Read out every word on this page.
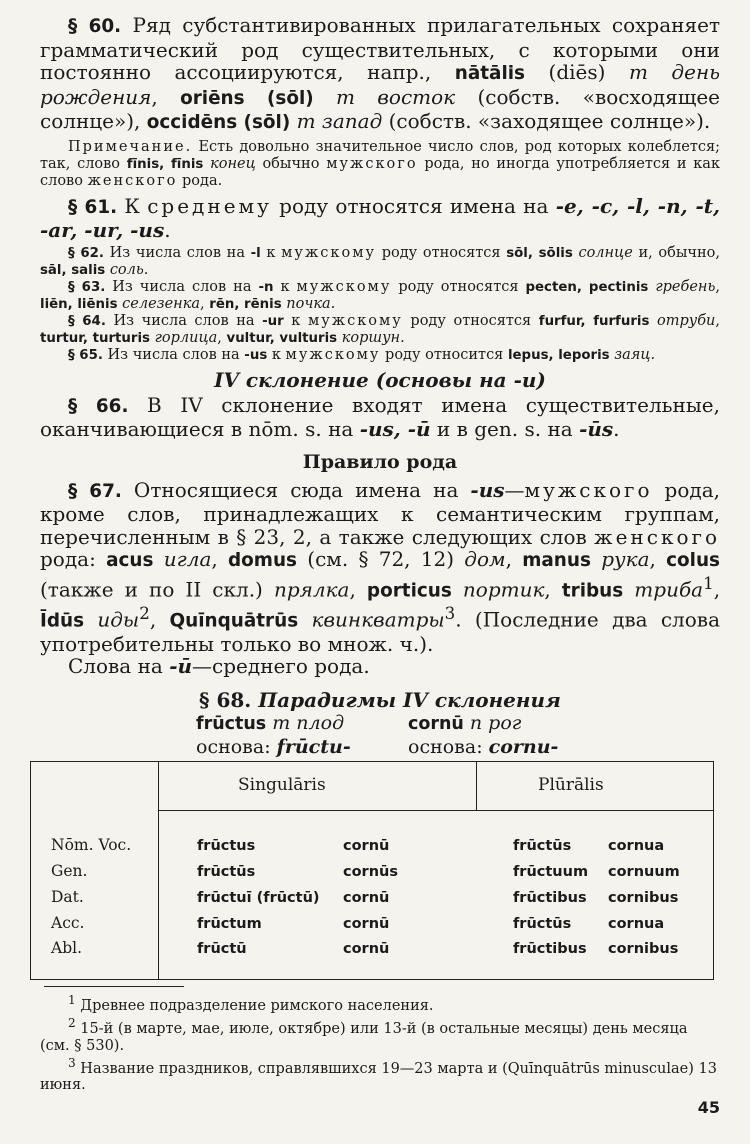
§ 60. Ряд субстантивированных прилагательных сохраняет грамматический род существительных, с которыми они постоянно ассоциируются, напр., nātālis (diēs) m день рождения, oriēns (sōl) m восток (собств. «восходящее солнце»), occidēns (sōl) m запад (собств. «заходящее солнце»).

Примечание. Есть довольно значительное число слов, род которых колеблется; так, слово fīnis, fīnis конец обычно мужского рода, но иногда употребляется и как слово женского рода.

§ 61. К среднему роду относятся имена на -e, -c, -l, -n, -t, -ar, -ur, -us.

§ 62. Из числа слов на -l к мужскому роду относятся sōl, sōlis солнце и, обычно, sāl, salis соль.

§ 63. Из числа слов на -n к мужскому роду относятся pecten, pectinis гребень, liēn, liēnis селезенка, rēn, rēnis почка.

§ 64. Из числа слов на -ur к мужскому роду относятся furfur, furfuris отруби, turtur, turturis горлица, vultur, vulturis коршун.

§ 65. Из числа слов на -us к мужскому роду относится lepus, leporis заяц.

IV склонение (основы на -u)

§ 66. В IV склонение входят имена существительные, оканчивающиеся в nōm. s. на -us, -ū и в gen. s. на -ūs.

Правило рода

§ 67. Относящиеся сюда имена на -us—мужского рода, кроме слов, принадлежащих к семантическим группам, перечисленным в § 23, 2, а также следующих слов женского рода: acus игла, domus (см. § 72, 12) дом, manus рука, colus (также и по II скл.) прялка, porticus портик, tribus триба$^1$, Īdūs иды$^2$, Quīnquātrūs квинкватры$^3$. (Последние два слова употребительны только во множ. ч.).

Слова на -ū—среднего рода.

§ 68. Парадигмы IV склонения

frūctus m плод
основа: frūctu-
cornū n рог
основа: cornu-
Singulāris	Plūrālis
Nōm. Voc.
Gen.
Dat.
Acc.
Abl.
frūctus
frūctūs
frūctuī (frūctū)
frūctum
frūctū
cornū
cornūs
cornū
cornū
cornū
frūctūs
frūctuum
frūctibus
frūctūs
frūctibus
cornua
cornuum
cornibus
cornua
cornibus

$^1$ Древнее подразделение римского населения.

$^2$ 15-й (в марте, мае, июле, октябре) или 13-й (в остальные месяцы) день месяца (см. § 530).

$^3$ Название праздников, справлявшихся 19—23 марта и (Quīnquātrūs minusculae) 13 июня.

45
